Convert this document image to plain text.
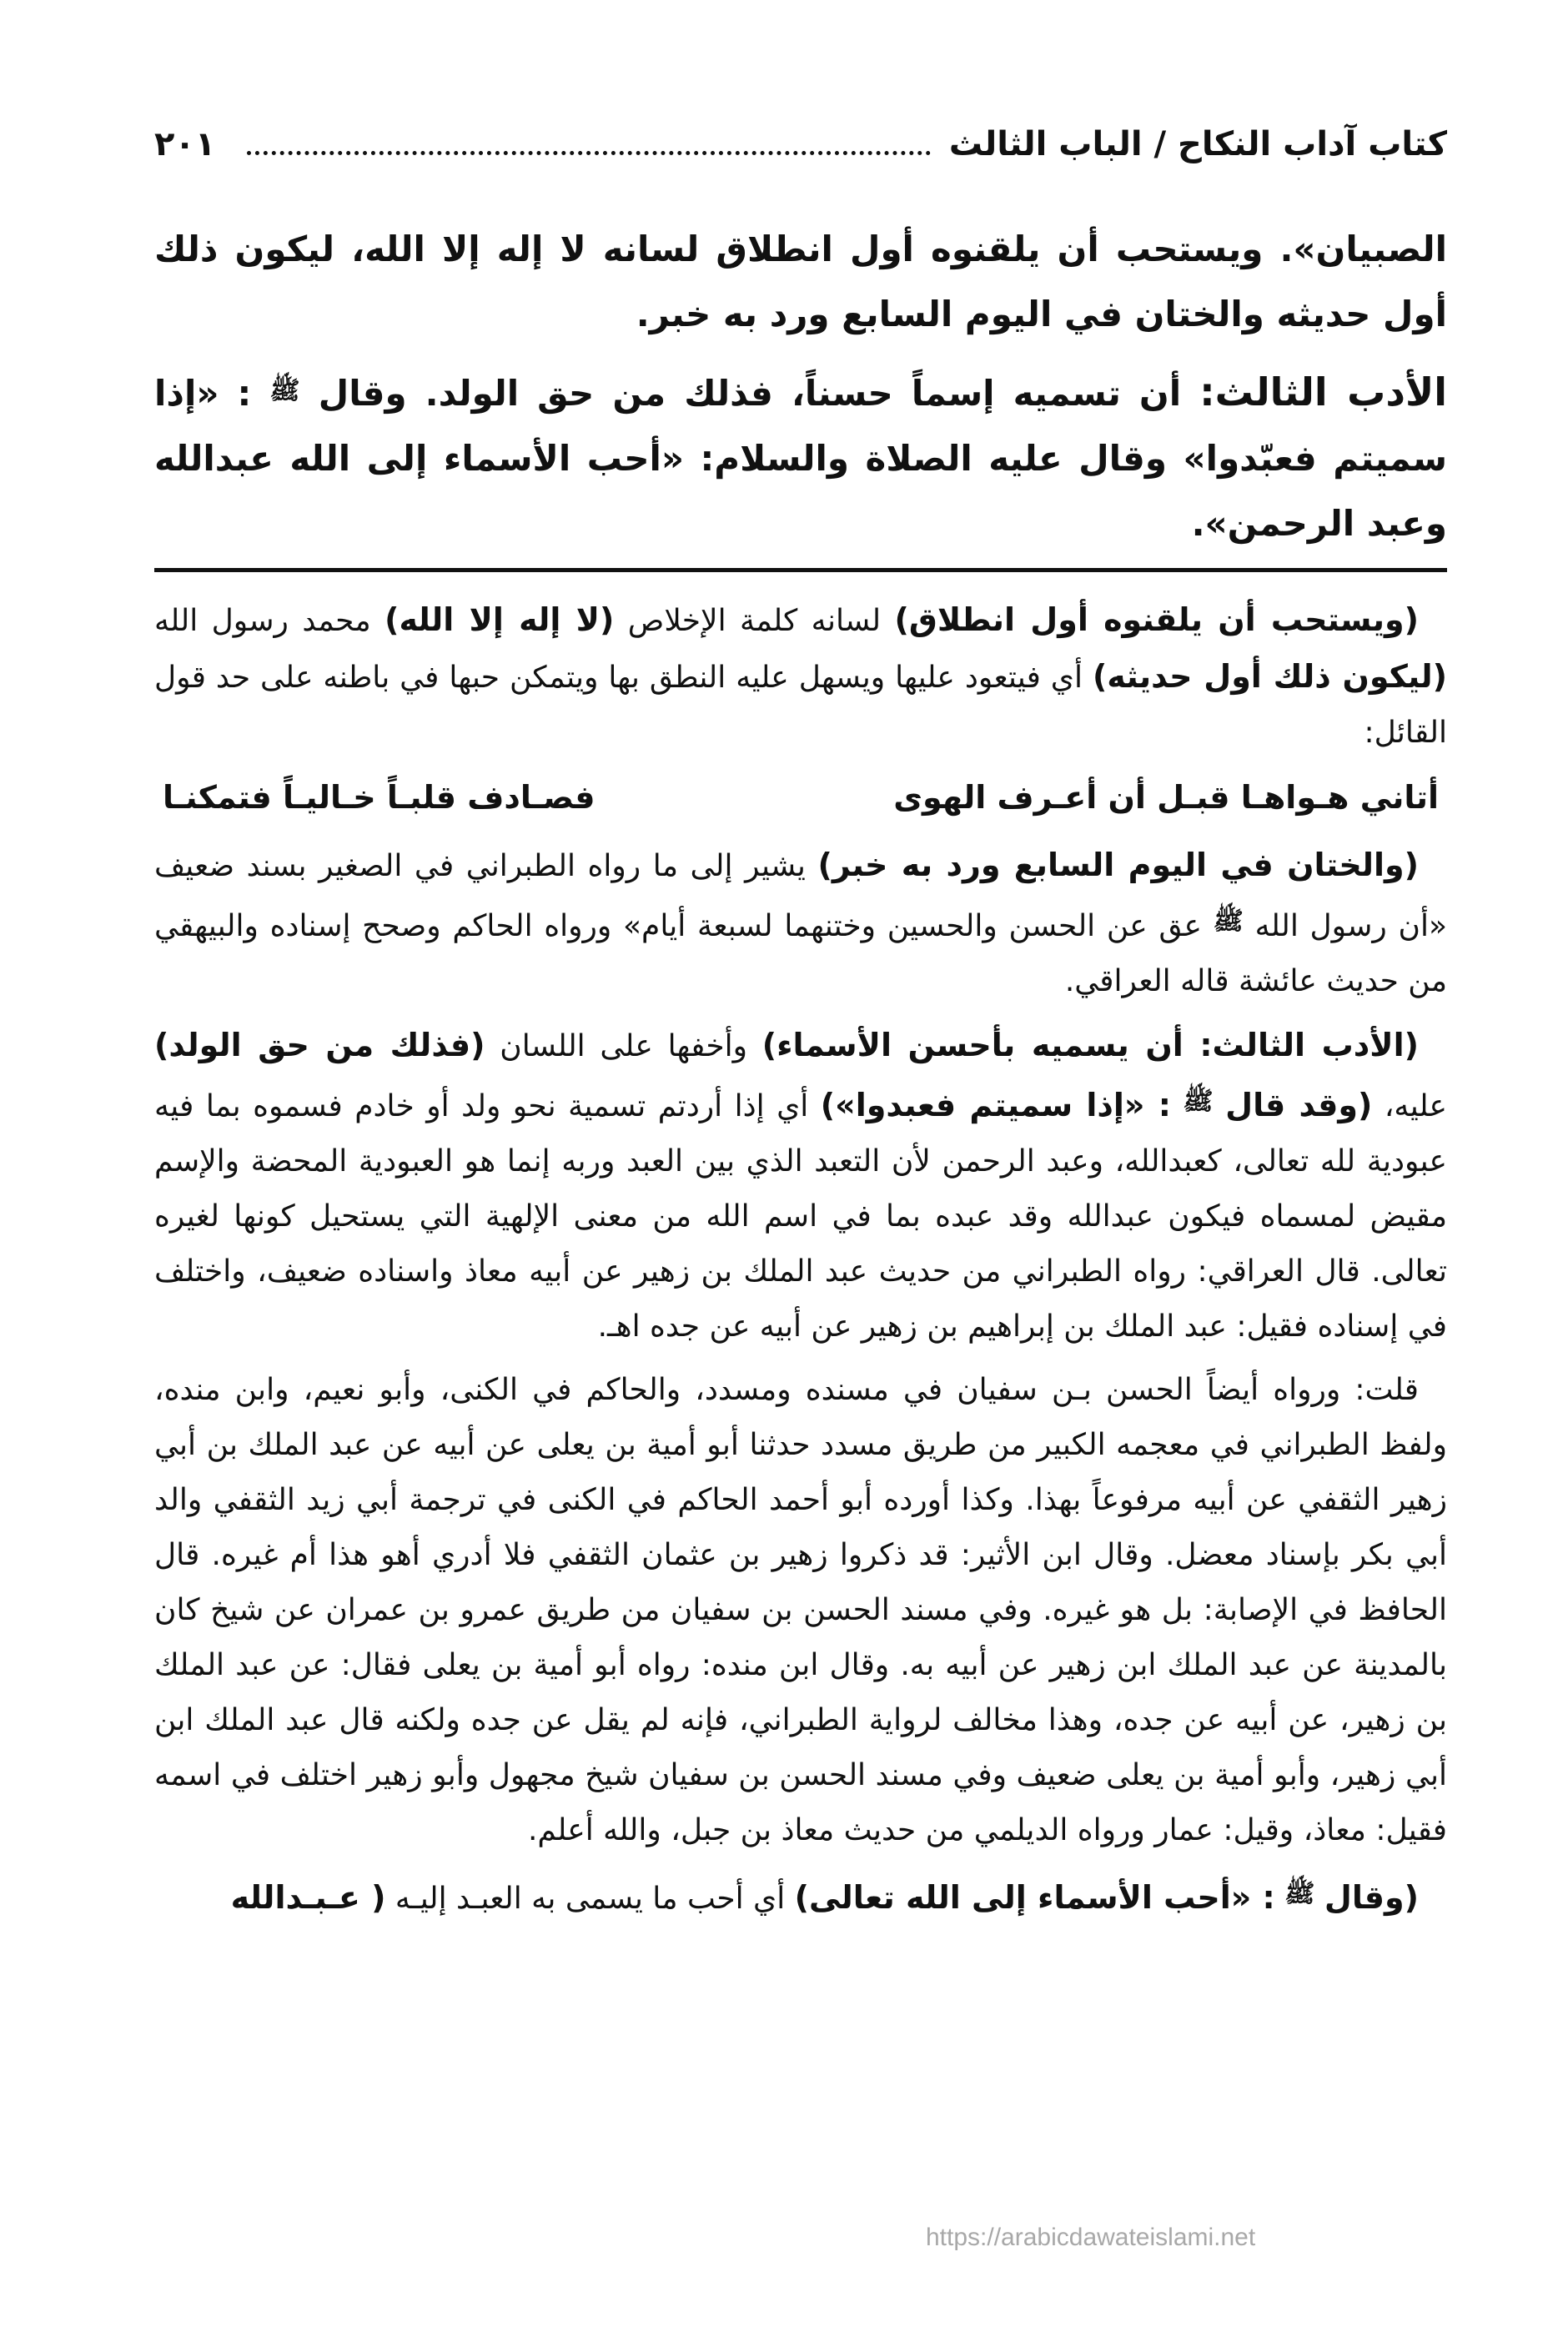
كتاب آداب النكاح / الباب الثالث
٢٠١

الصبيان». ويستحب أن يلقنوه أول انطلاق لسانه لا إله إلا الله، ليكون ذلك أول حديثه والختان في اليوم السابع ورد به خبر.

الأدب الثالث: أن تسميه إسماً حسناً، فذلك من حق الولد. وقال ﷺ : «إذا سميتم فعبّدوا» وقال عليه الصلاة والسلام: «أحب الأسماء إلى الله عبدالله وعبد الرحمن».

(ويستحب أن يلقنوه أول انطلاق) لسانه كلمة الإخلاص (لا إله إلا الله) محمد رسول الله (ليكون ذلك أول حديثه) أي فيتعود عليها ويسهل عليه النطق بها ويتمكن حبها في باطنه على حد قول القائل:

أتاني هـواهـا قبـل أن أعـرف الهوى
فصـادف قلبـاً خـاليـاً فتمكنـا

(والختان في اليوم السابع ورد به خبر) يشير إلى ما رواه الطبراني في الصغير بسند ضعيف «أن رسول الله $^ﷺ$ عق عن الحسن والحسين وختنهما لسبعة أيام» ورواه الحاكم وصحح إسناده والبيهقي من حديث عائشة قاله العراقي.

(الأدب الثالث: أن يسميه بأحسن الأسماء) وأخفها على اللسان (فذلك من حق الولد) عليه، (وقد قال $^ﷺ$ : «إذا سميتم فعبدوا») أي إذا أردتم تسمية نحو ولد أو خادم فسموه بما فيه عبودية لله تعالى، كعبدالله، وعبد الرحمن لأن التعبد الذي بين العبد وربه إنما هو العبودية المحضة والإسم مقيض لمسماه فيكون عبدالله وقد عبده بما في اسم الله من معنى الإلهية التي يستحيل كونها لغيره تعالى. قال العراقي: رواه الطبراني من حديث عبد الملك بن زهير عن أبيه معاذ واسناده ضعيف، واختلف في إسناده فقيل: عبد الملك بن إبراهيم بن زهير عن أبيه عن جده اهـ.

قلت: ورواه أيضاً الحسن بـن سفيان في مسنده ومسدد، والحاكم في الكنى، وأبو نعيم، وابن منده، ولفظ الطبراني في معجمه الكبير من طريق مسدد حدثنا أبو أمية بن يعلى عن أبيه عن عبد الملك بن أبي زهير الثقفي عن أبيه مرفوعاً بهذا. وكذا أورده أبو أحمد الحاكم في الكنى في ترجمة أبي زيد الثقفي والد أبي بكر بإسناد معضل. وقال ابن الأثير: قد ذكروا زهير بن عثمان الثقفي فلا أدري أهو هذا أم غيره. قال الحافظ في الإصابة: بل هو غيره. وفي مسند الحسن بن سفيان من طريق عمرو بن عمران عن شيخ كان بالمدينة عن عبد الملك ابن زهير عن أبيه به. وقال ابن منده: رواه أبو أمية بن يعلى فقال: عن عبد الملك بن زهير، عن أبيه عن جده، وهذا مخالف لرواية الطبراني، فإنه لم يقل عن جده ولكنه قال عبد الملك ابن أبي زهير، وأبو أمية بن يعلى ضعيف وفي مسند الحسن بن سفيان شيخ مجهول وأبو زهير اختلف في اسمه فقيل: معاذ، وقيل: عمار ورواه الديلمي من حديث معاذ بن جبل، والله أعلم.

(وقال $^ﷺ$ : «أحب الأسماء إلى الله تعالى) أي أحب ما يسمى به العبـد إليـه ( عـبـدالله

https://arabicdawateislami.net
